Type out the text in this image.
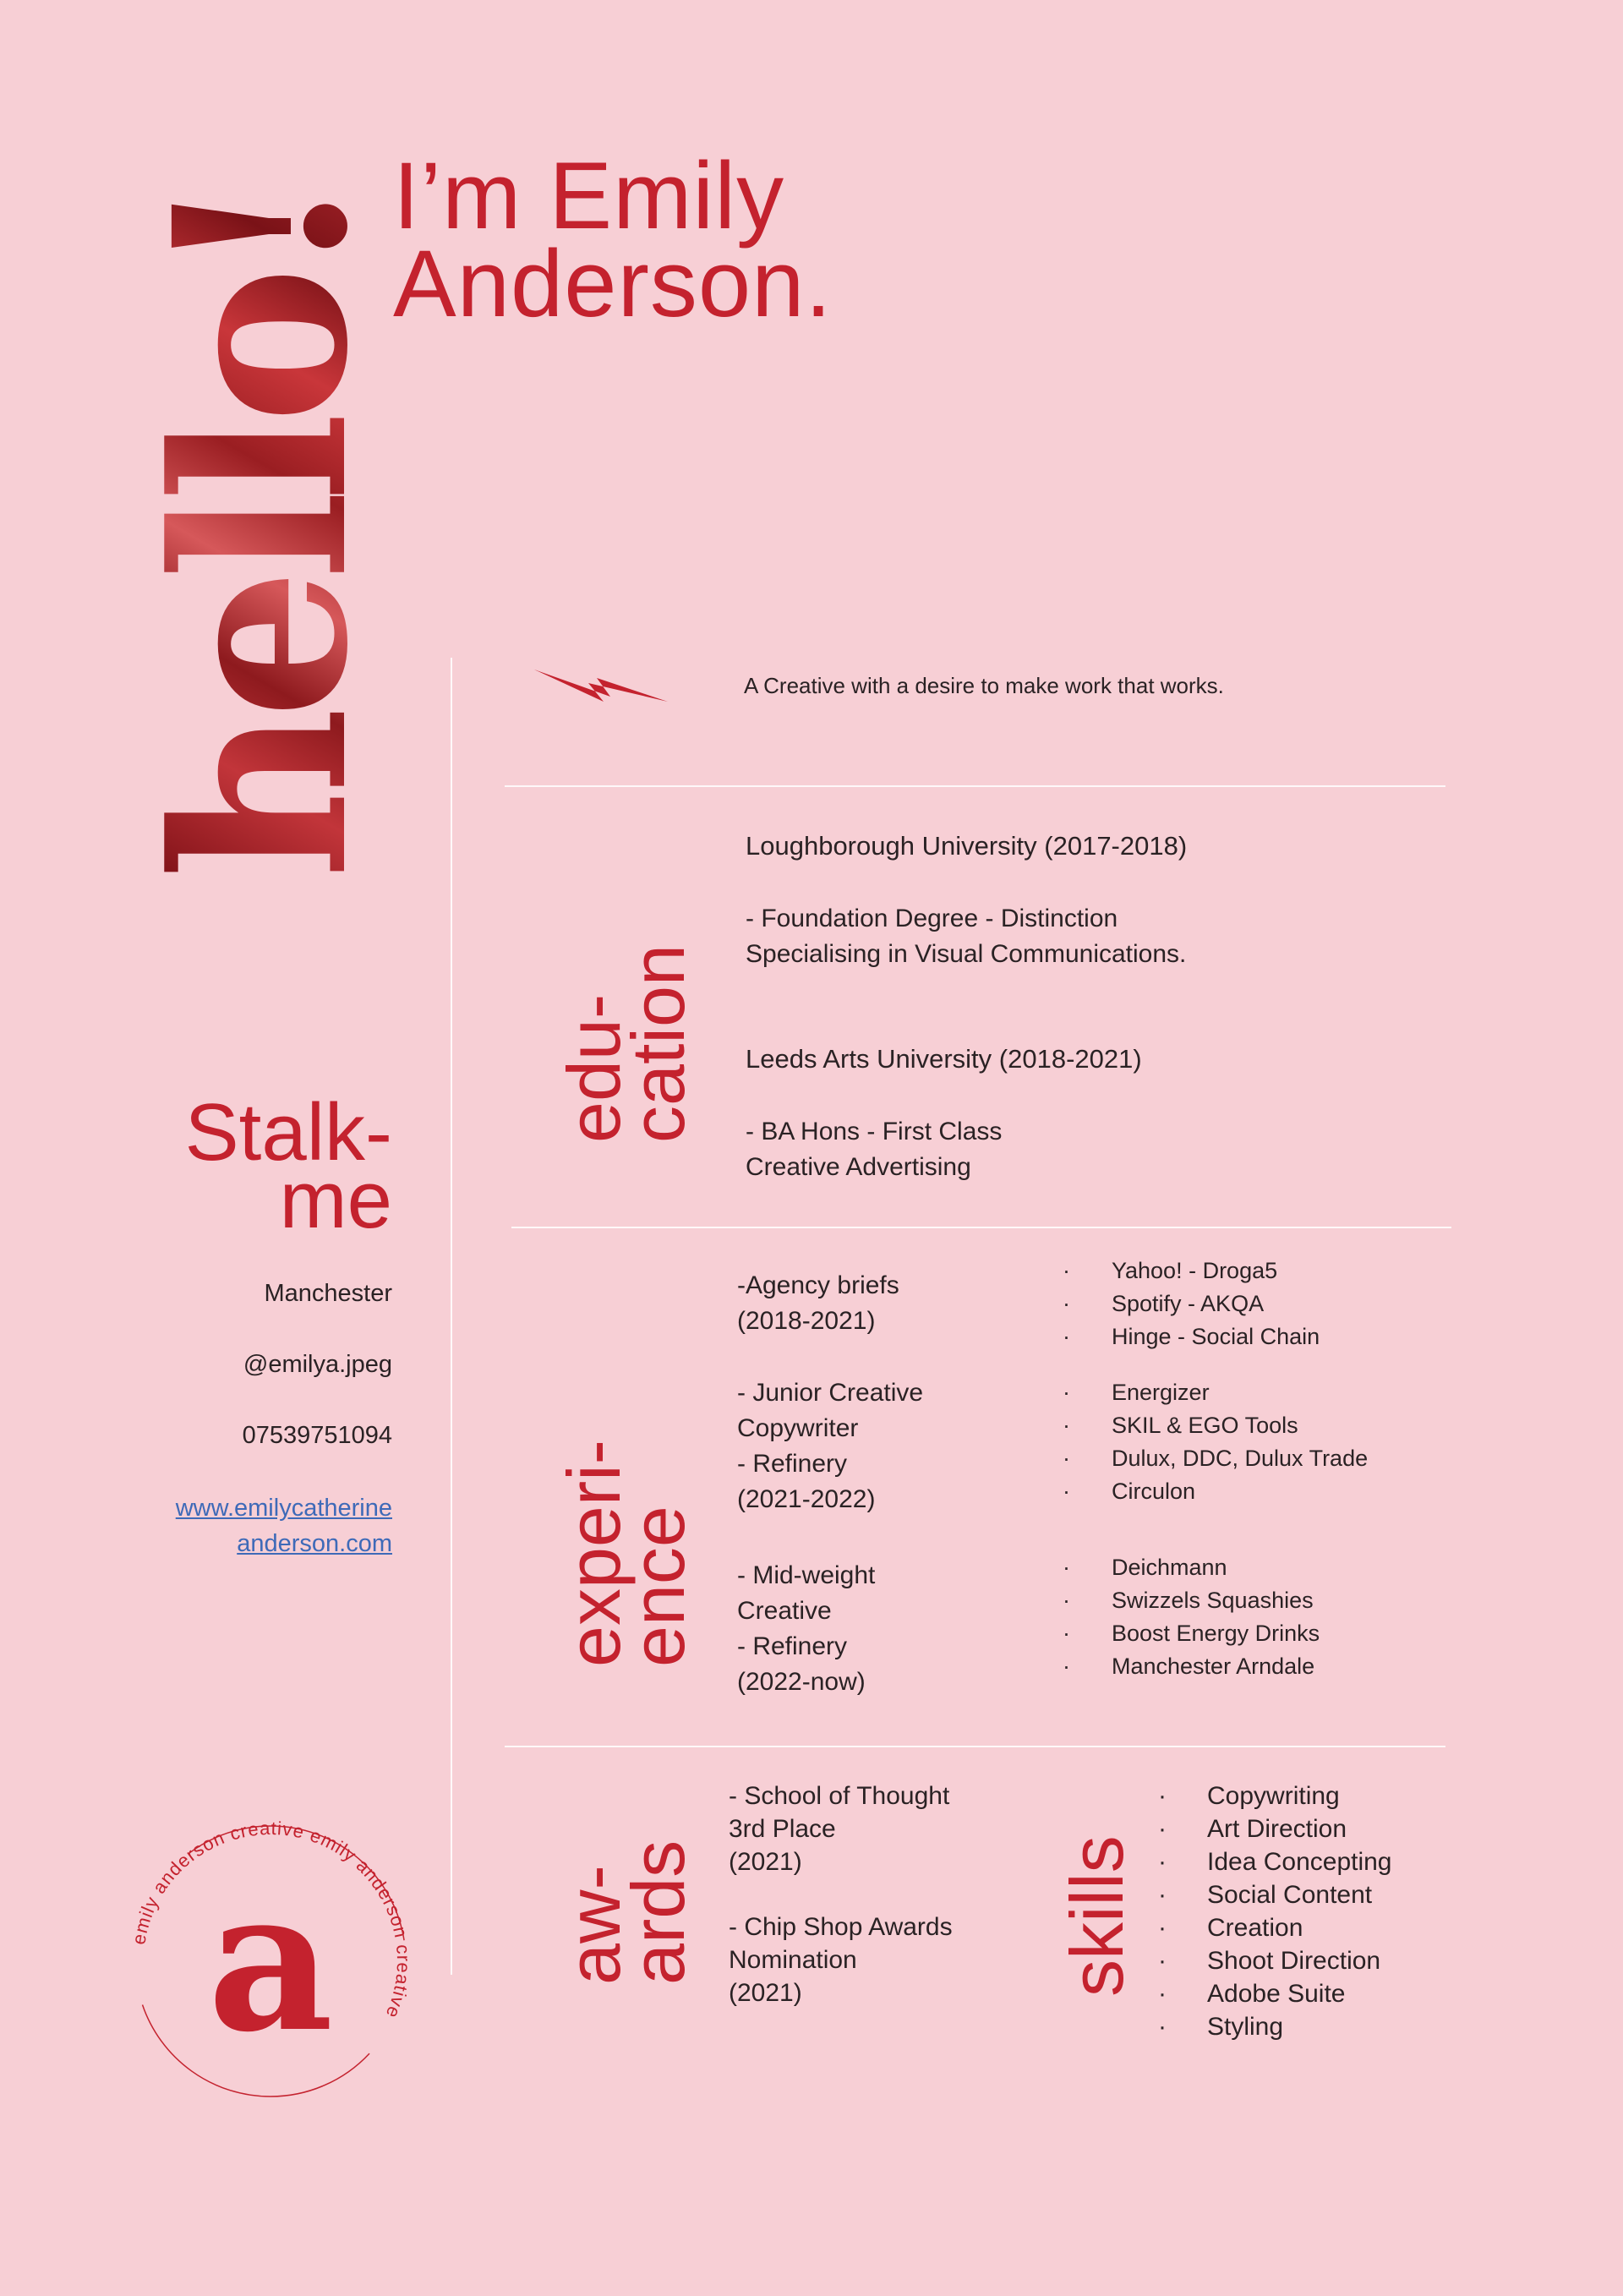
hello!
I’m Emily
Anderson.
A Creative with a desire to make work that works.
edu-
cation
Loughborough University (2017-2018)
- Foundation Degree - Distinction
Specialising in Visual Communications.
Leeds Arts University (2018-2021)
- BA Hons - First Class
Creative Advertising
Stalk-
me
Manchester
@emilya.jpeg
07539751094
www.emilycatherine
anderson.com experi-
ence
-Agency briefs
(2018-2021)
- Junior Creative
Copywriter
- Refinery
(2021-2022)
- Mid-weight
Creative
- Refinery
(2022-now)
· Yahoo! - Droga5
· Spotify - AKQA
· Hinge - Social Chain
· Energizer
· SKIL & EGO Tools
· Dulux, DDC, Dulux Trade
· Circulon
· Deichmann
· Swizzels Squashies
· Boost Energy Drinks
· Manchester Arndale
aw-
ards
- School of Thought
3rd Place
(2021)
- Chip Shop Awards
Nomination
(2021)	skills
· Copywriting
· Art Direction
· Idea Concepting
· Social Content
· Creation
· Shoot Direction
· Adobe Suite
· Styling
emily anderson creative emily anderson creative
a
